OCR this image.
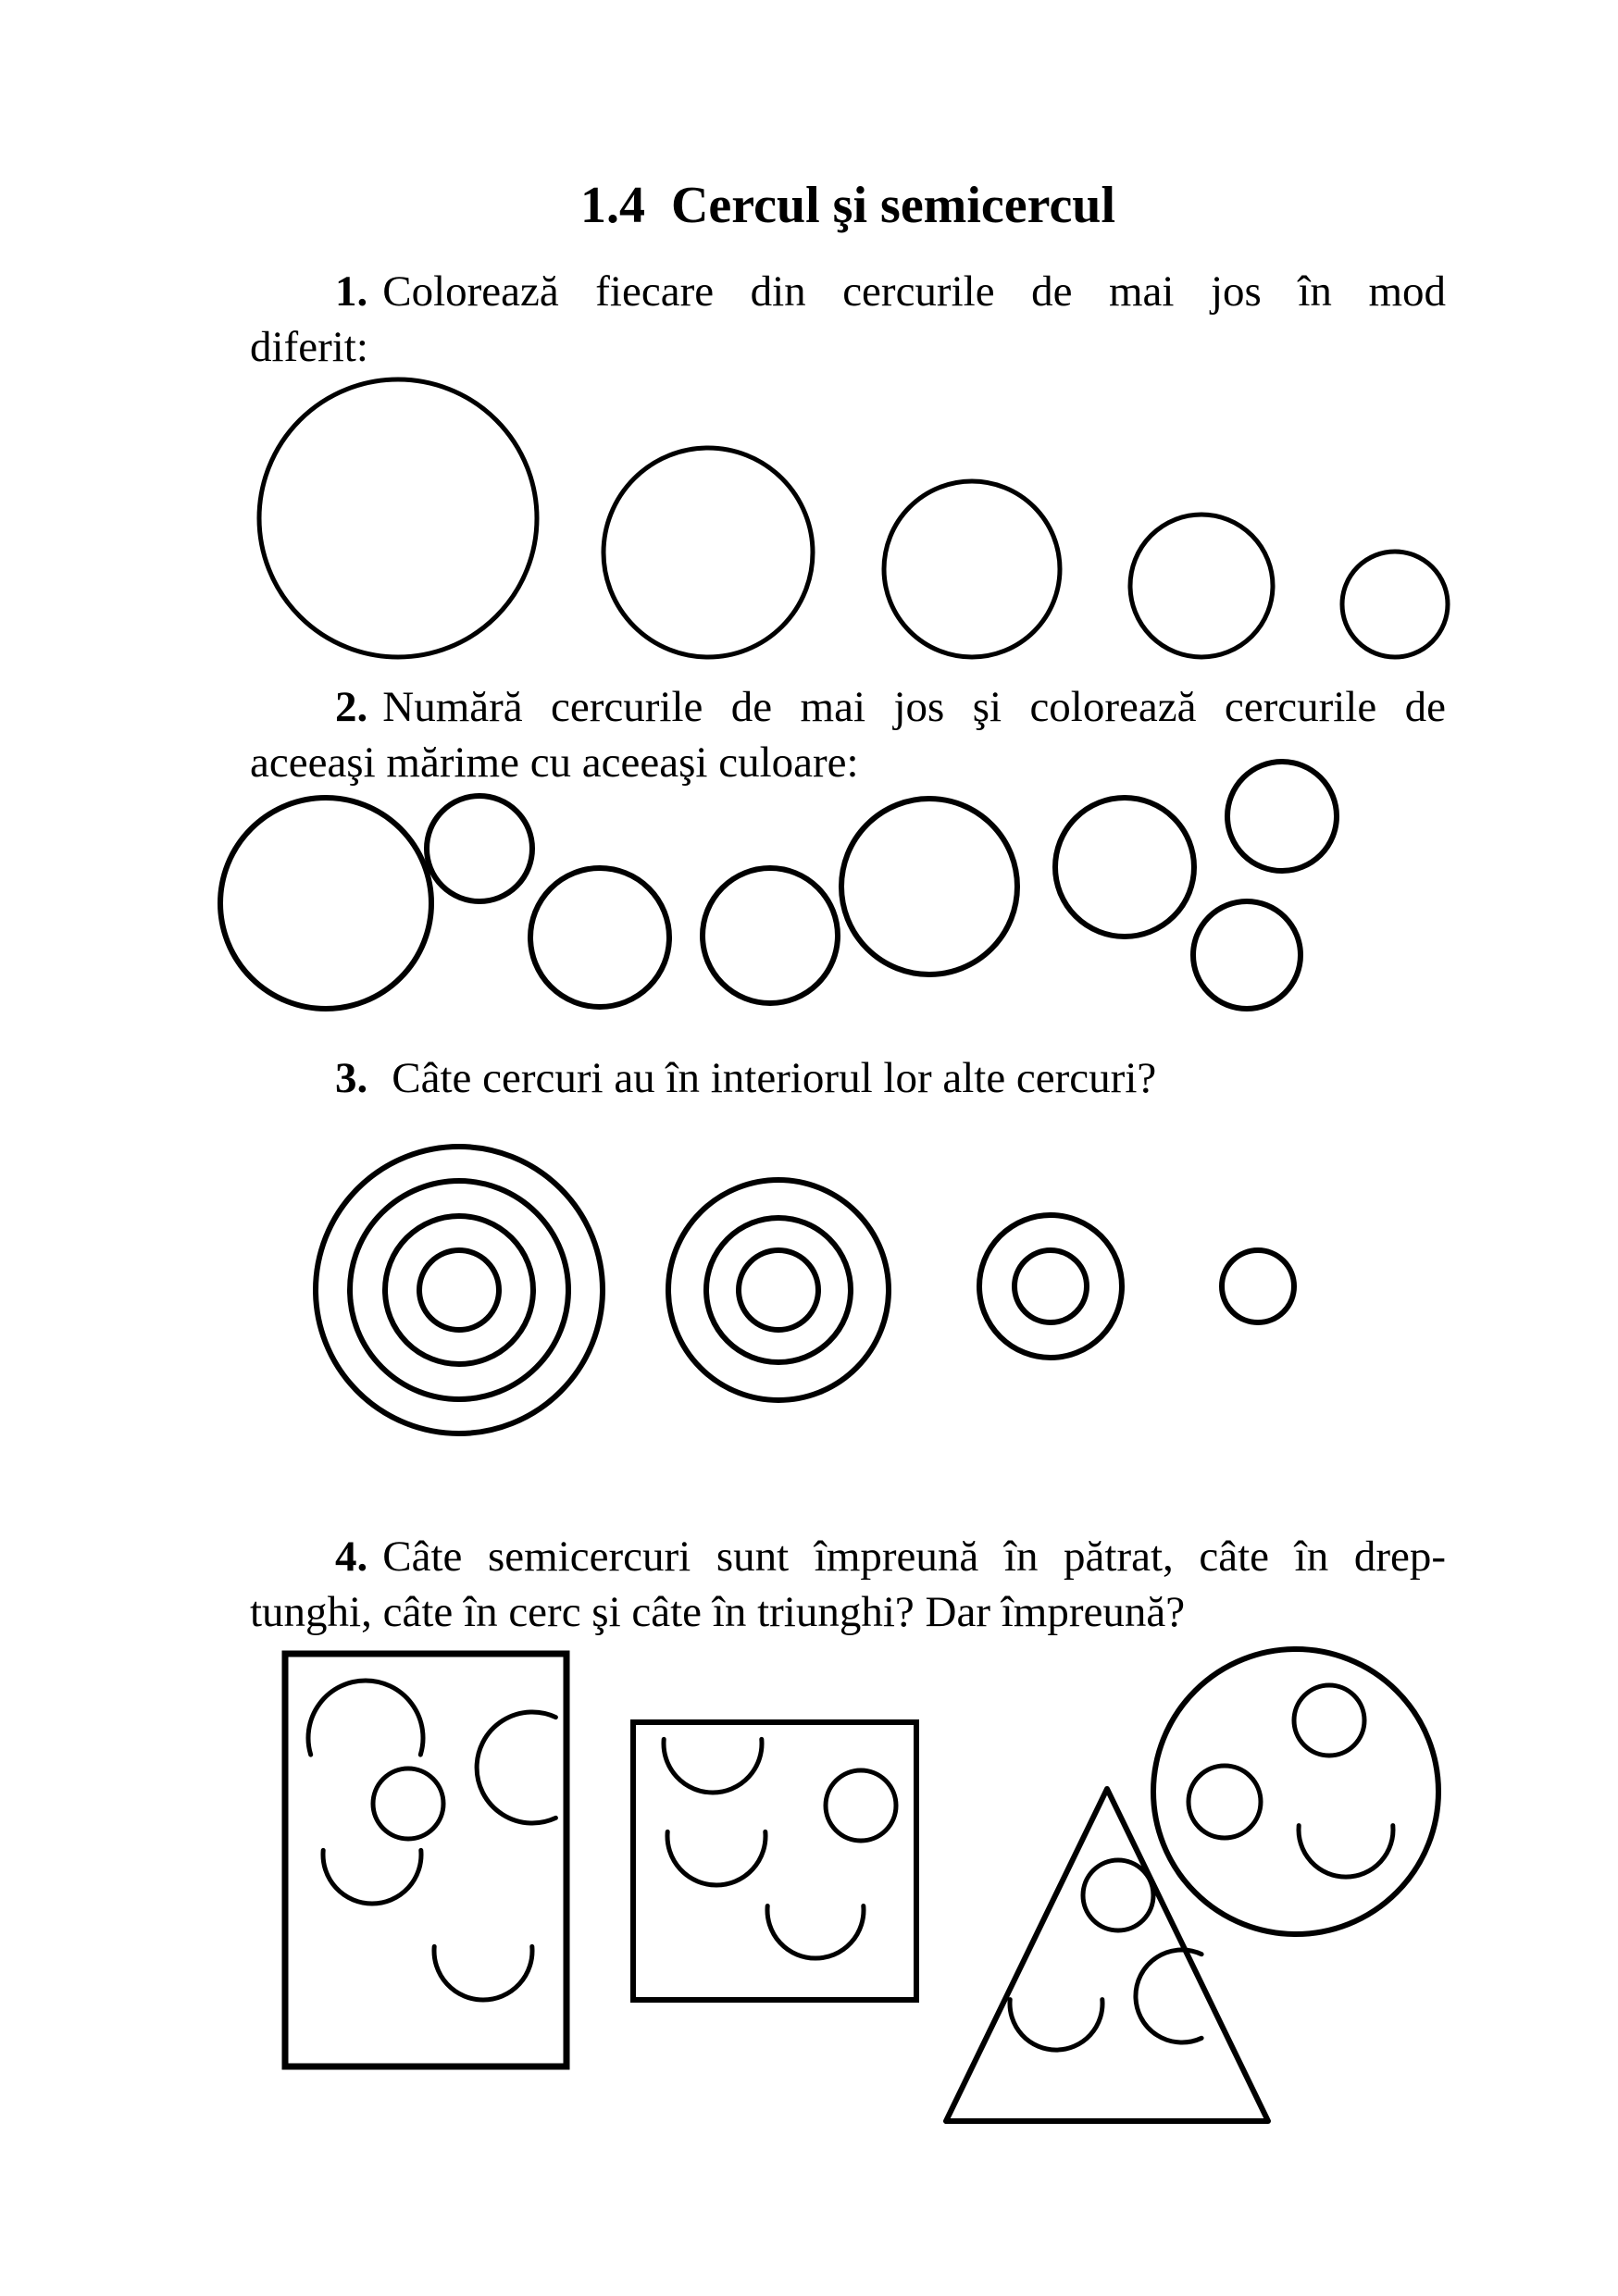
1.4  Cercul şi semicercul

1. Colorează fiecare din cercurile de mai jos în mod

diferit:

2. Numără cercurile de mai jos şi colorează cercurile de

aceeaşi mărime cu aceeaşi culoare:

3. Câte cercuri au în interiorul lor alte cercuri?

4. Câte semicercuri sunt împreună în pătrat, câte în drep-

tunghi, câte în cerc şi câte în triunghi? Dar împreună?
